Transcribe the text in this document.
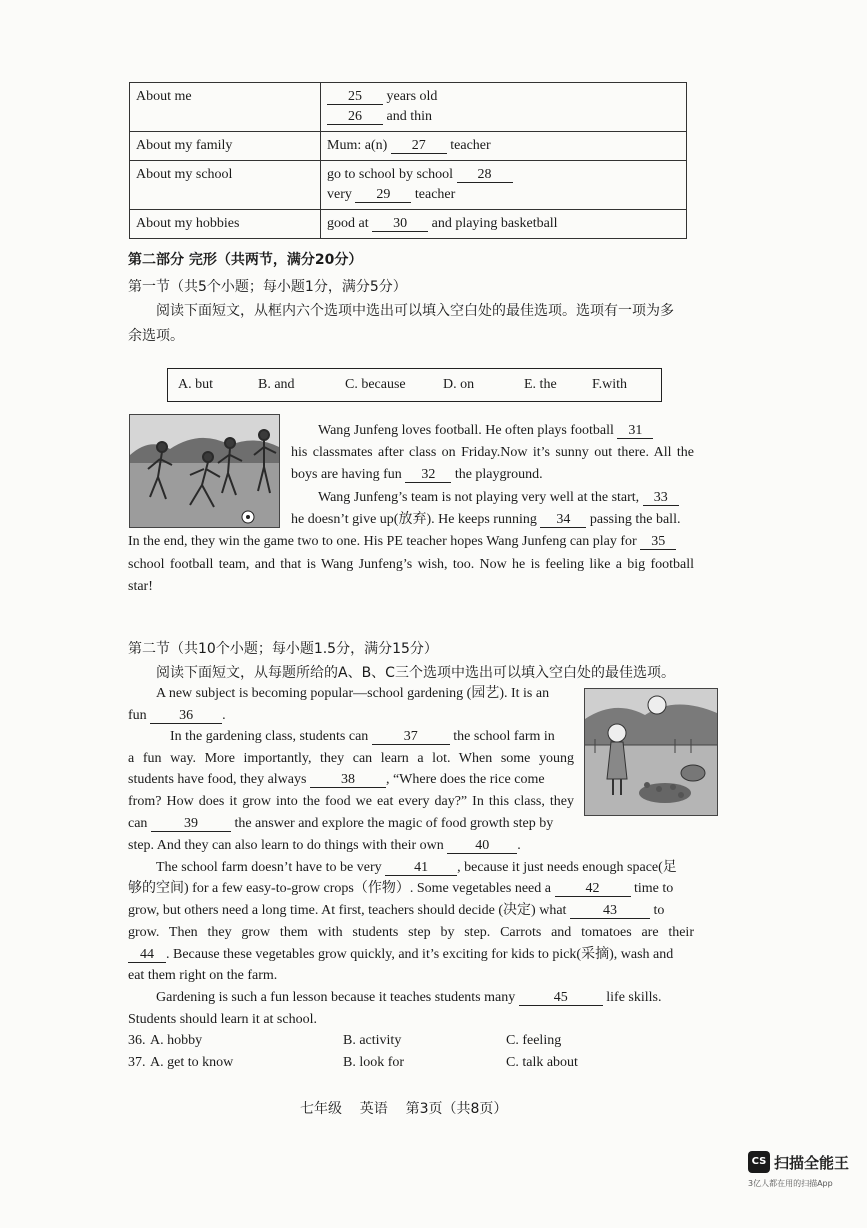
About me	25 years old
26 and thin

About my family	Mum: a(n) 27 teacher
About my school	go to school by school 28
very 29 teacher

About my hobbies	good at 30 and playing basketball
第二部分 完形（共两节，满分20分）
第一节（共5个小题；每小题1分，满分5分）
阅读下面短文，从框内六个选项中选出可以填入空白处的最佳选项。选项有一项为多
余选项。
A. but	B. and	C. because	D. on	E. the	F.with
Wang Junfeng loves football. He often plays football 31
his classmates after class on Friday.Now it’s sunny out there. All the
boys are having fun 32 the playground.
Wang Junfeng’s team is not playing very well at the start, 33
he doesn’t give up(放弃). He keeps running 34 passing the ball.
In the end, they win the game two to one. His PE teacher hopes Wang Junfeng can play for 35
school football team, and that is Wang Junfeng’s wish, too. Now he is feeling like a big football
star!
第二节（共10个小题；每小题1.5分，满分15分）
阅读下面短文，从每题所给的A、B、C三个选项中选出可以填入空白处的最佳选项。
A new subject is becoming popular—school gardening (园艺). It is an
fun 36 .
In the gardening class, students can	37	the school farm in
a fun way. More importantly, they can learn a lot. When some young
students have food, they always 38 , “Where does the rice come
from? How does it grow into the food we eat every day?” In this class, they
can	39	the answer and explore the magic of food growth step by
step. And they can also learn to do things with their own 40 .
The school farm doesn’t have to be very 41 , because it just needs enough space(足
够的空间) for a few easy-to-grow crops（作物）. Some vegetables need a 42 time to
grow, but others need a long time. At first, teachers should decide (决定) what	43	to
grow. Then they grow them with students step by step. Carrots and tomatoes are their
44 . Because these vegetables grow quickly, and it’s exciting for kids to pick(采摘), wash and
eat them right on the farm.
Gardening is such a fun lesson because it teaches students many	45	life skills.
Students should learn it at school.
36. A. hobby	B. activity	C. feeling
37. A. get to know	B. look for	C. talk about
七年级    英语    第3页（共8页）
CS 扫描全能王
3亿人都在用的扫描App
